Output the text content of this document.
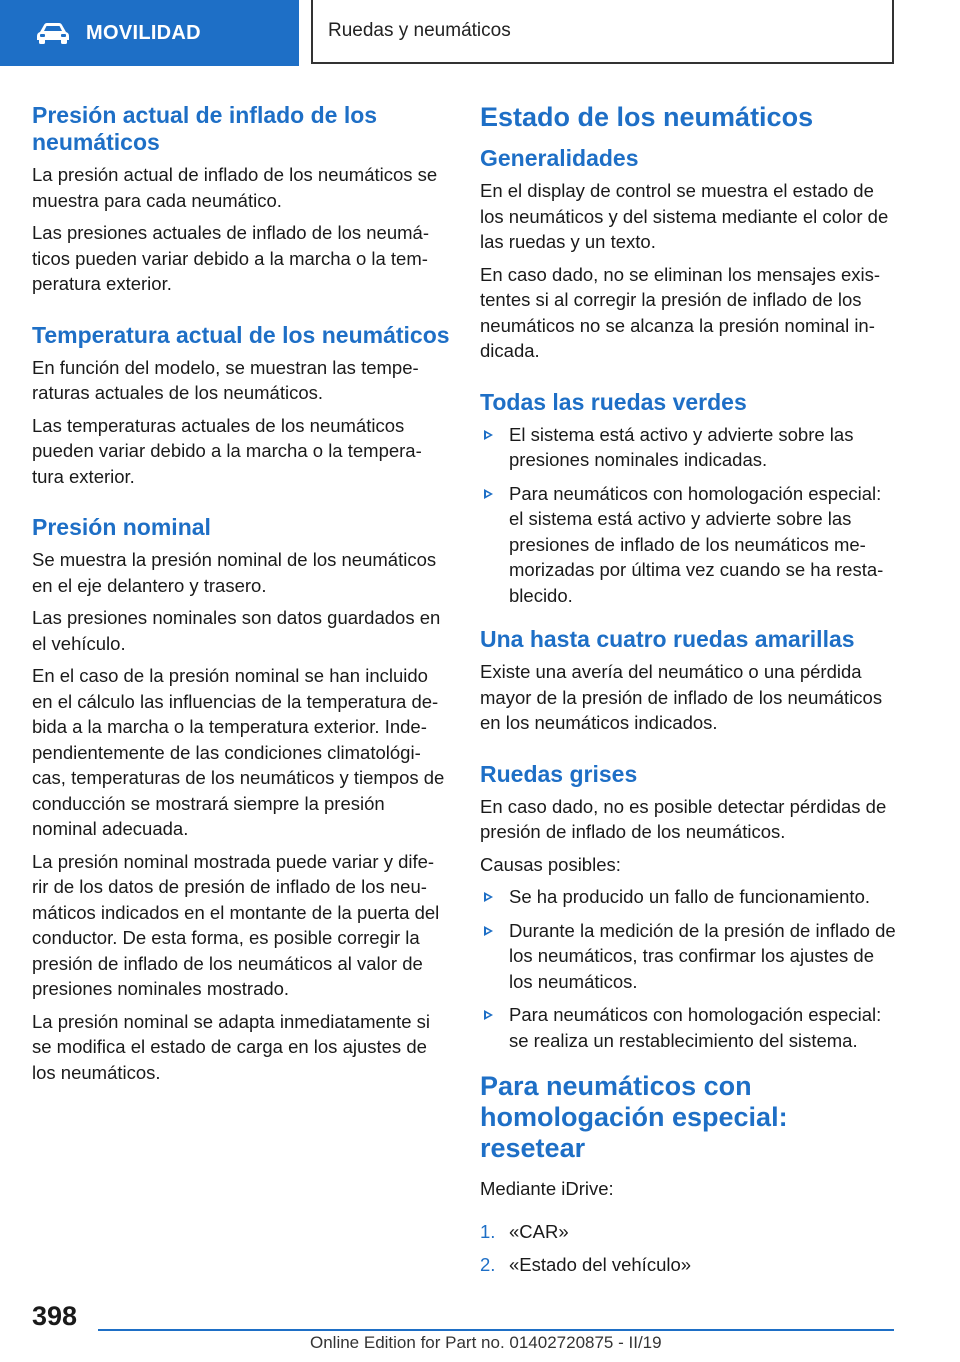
MOVILIDAD	Ruedas y neumáticos
Presión actual de inflado de los neumáticos

La presión actual de inflado de los neumáticos se muestra para cada neumático.

Las presiones actuales de inflado de los neumá‐ticos pueden variar debido a la marcha o la tem‐peratura exterior.

Temperatura actual de los neumáticos

En función del modelo, se muestran las tempe‐raturas actuales de los neumáticos.

Las temperaturas actuales de los neumáticos pueden variar debido a la marcha o la tempera‐tura exterior.

Presión nominal

Se muestra la presión nominal de los neumáticos en el eje delantero y trasero.

Las presiones nominales son datos guardados en el vehículo.

En el caso de la presión nominal se han incluido en el cálculo las influencias de la temperatura de‐bida a la marcha o la temperatura exterior. Inde‐pendientemente de las condiciones climatológi‐cas, temperaturas de los neumáticos y tiempos de conducción se mostrará siempre la presión nominal adecuada.

La presión nominal mostrada puede variar y dife‐rir de los datos de presión de inflado de los neu‐máticos indicados en el montante de la puerta del conductor. De esta forma, es posible corregir la presión de inflado de los neumáticos al valor de presiones nominales mostrado.

La presión nominal se adapta inmediatamente si se modifica el estado de carga en los ajustes de los neumáticos.

Estado de los neumáticos
Generalidades

En el display de control se muestra el estado de los neumáticos y del sistema mediante el color de las ruedas y un texto.

En caso dado, no se eliminan los mensajes exis‐tentes si al corregir la presión de inflado de los neumáticos no se alcanza la presión nominal in‐dicada.

Todas las ruedas verdes
El sistema está activo y advierte sobre las presiones nominales indicadas.
Para neumáticos con homologación especial: el sistema está activo y advierte sobre las presiones de inflado de los neumáticos me‐morizadas por última vez cuando se ha resta‐blecido.
Una hasta cuatro ruedas amarillas

Existe una avería del neumático o una pérdida mayor de la presión de inflado de los neumáticos en los neumáticos indicados.

Ruedas grises

En caso dado, no es posible detectar pérdidas de presión de inflado de los neumáticos.

Causas posibles:

Se ha producido un fallo de funcionamiento.
Durante la medición de la presión de inflado de los neumáticos, tras confirmar los ajustes de los neumáticos.
Para neumáticos con homologación especial: se realiza un restablecimiento del sistema.
Para neumáticos con homologación especial: resetear

Mediante iDrive:

1. «CAR»
2. «Estado del vehículo»
398
Online Edition for Part no. 01402720875 - II/19
